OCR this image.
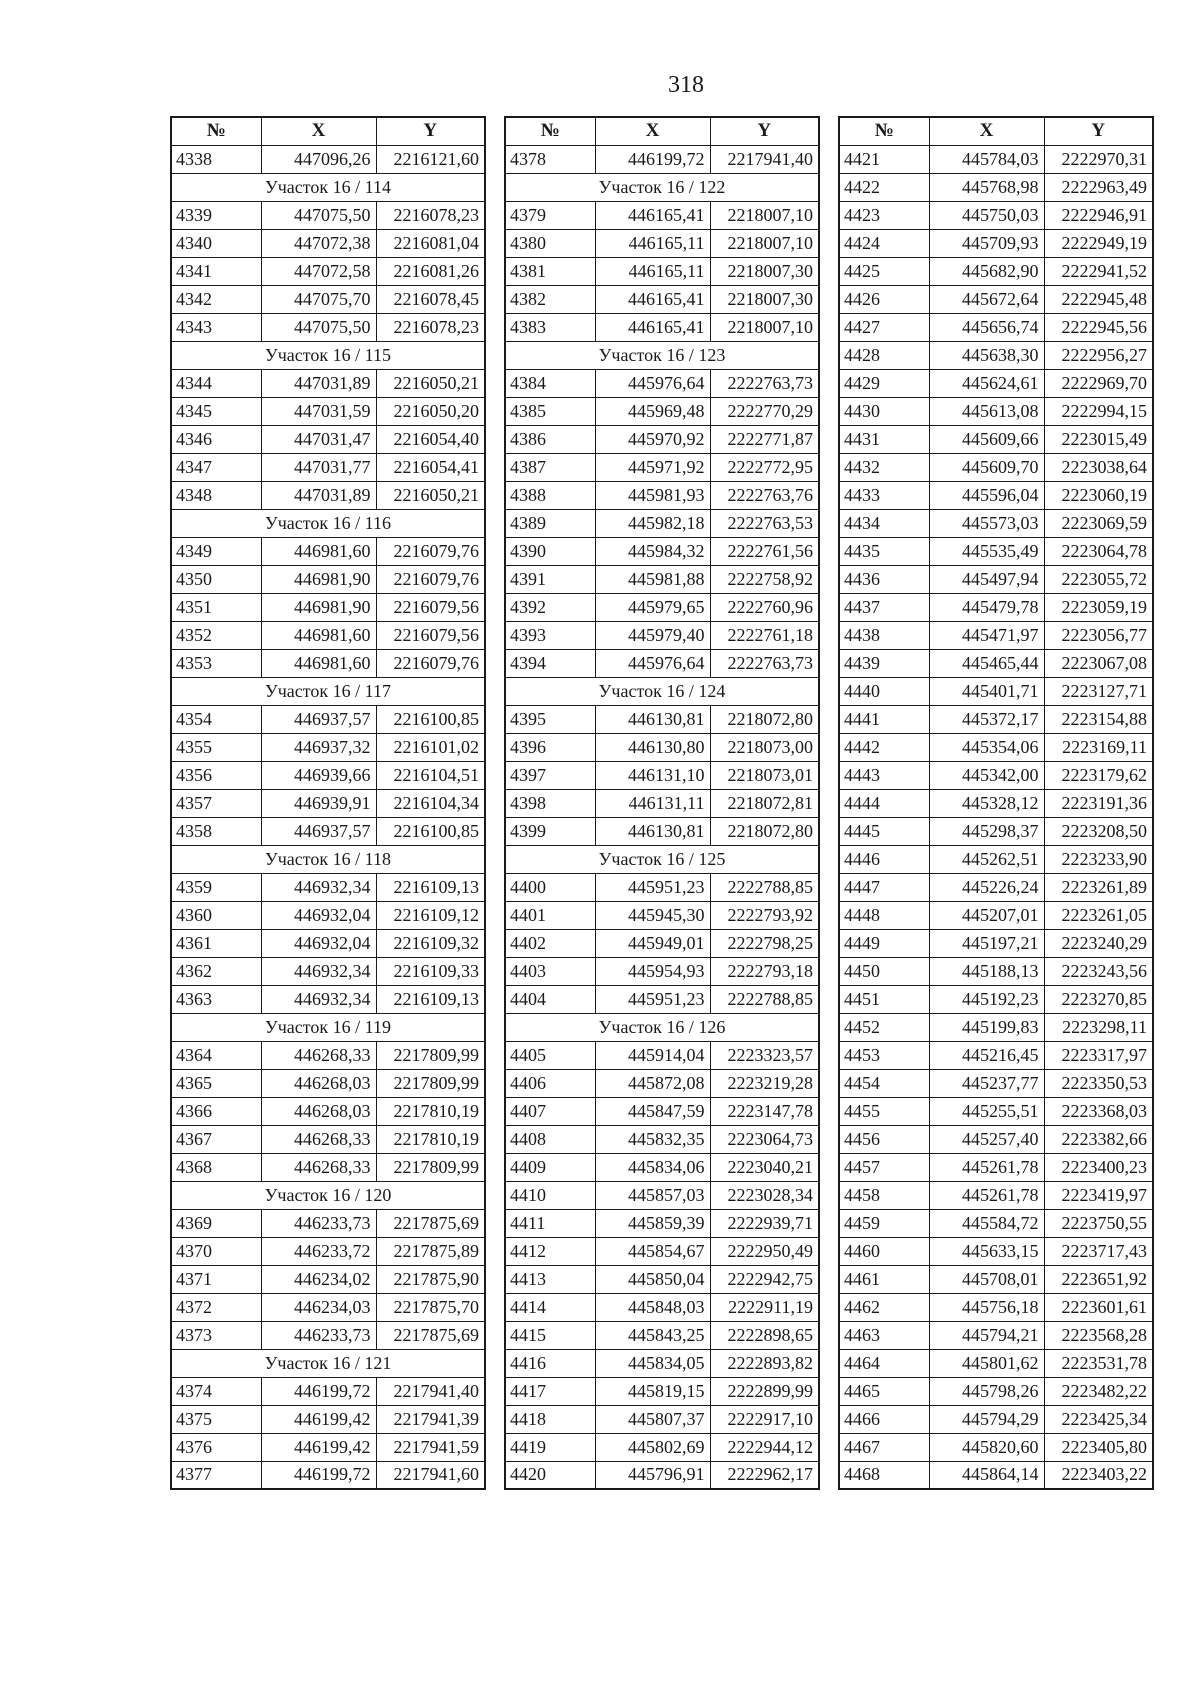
318
№	X	Y
4338	447096,26	2216121,60
Участок 16 / 114		
4339	447075,50	2216078,23
4340	447072,38	2216081,04
4341	447072,58	2216081,26
4342	447075,70	2216078,45
4343	447075,50	2216078,23
Участок 16 / 115		
4344	447031,89	2216050,21
4345	447031,59	2216050,20
4346	447031,47	2216054,40
4347	447031,77	2216054,41
4348	447031,89	2216050,21
Участок 16 / 116		
4349	446981,60	2216079,76
4350	446981,90	2216079,76
4351	446981,90	2216079,56
4352	446981,60	2216079,56
4353	446981,60	2216079,76
Участок 16 / 117		
4354	446937,57	2216100,85
4355	446937,32	2216101,02
4356	446939,66	2216104,51
4357	446939,91	2216104,34
4358	446937,57	2216100,85
Участок 16 / 118		
4359	446932,34	2216109,13
4360	446932,04	2216109,12
4361	446932,04	2216109,32
4362	446932,34	2216109,33
4363	446932,34	2216109,13
Участок 16 / 119		
4364	446268,33	2217809,99
4365	446268,03	2217809,99
4366	446268,03	2217810,19
4367	446268,33	2217810,19
4368	446268,33	2217809,99
Участок 16 / 120		
4369	446233,73	2217875,69
4370	446233,72	2217875,89
4371	446234,02	2217875,90
4372	446234,03	2217875,70
4373	446233,73	2217875,69
Участок 16 / 121		
4374	446199,72	2217941,40
4375	446199,42	2217941,39
4376	446199,42	2217941,59
4377	446199,72	2217941,60
№	X	Y
4378	446199,72	2217941,40
Участок 16 / 122		
4379	446165,41	2218007,10
4380	446165,11	2218007,10
4381	446165,11	2218007,30
4382	446165,41	2218007,30
4383	446165,41	2218007,10
Участок 16 / 123		
4384	445976,64	2222763,73
4385	445969,48	2222770,29
4386	445970,92	2222771,87
4387	445971,92	2222772,95
4388	445981,93	2222763,76
4389	445982,18	2222763,53
4390	445984,32	2222761,56
4391	445981,88	2222758,92
4392	445979,65	2222760,96
4393	445979,40	2222761,18
4394	445976,64	2222763,73
Участок 16 / 124		
4395	446130,81	2218072,80
4396	446130,80	2218073,00
4397	446131,10	2218073,01
4398	446131,11	2218072,81
4399	446130,81	2218072,80
Участок 16 / 125		
4400	445951,23	2222788,85
4401	445945,30	2222793,92
4402	445949,01	2222798,25
4403	445954,93	2222793,18
4404	445951,23	2222788,85
Участок 16 / 126		
4405	445914,04	2223323,57
4406	445872,08	2223219,28
4407	445847,59	2223147,78
4408	445832,35	2223064,73
4409	445834,06	2223040,21
4410	445857,03	2223028,34
4411	445859,39	2222939,71
4412	445854,67	2222950,49
4413	445850,04	2222942,75
4414	445848,03	2222911,19
4415	445843,25	2222898,65
4416	445834,05	2222893,82
4417	445819,15	2222899,99
4418	445807,37	2222917,10
4419	445802,69	2222944,12
4420	445796,91	2222962,17
№	X	Y
4421	445784,03	2222970,31
4422	445768,98	2222963,49
4423	445750,03	2222946,91
4424	445709,93	2222949,19
4425	445682,90	2222941,52
4426	445672,64	2222945,48
4427	445656,74	2222945,56
4428	445638,30	2222956,27
4429	445624,61	2222969,70
4430	445613,08	2222994,15
4431	445609,66	2223015,49
4432	445609,70	2223038,64
4433	445596,04	2223060,19
4434	445573,03	2223069,59
4435	445535,49	2223064,78
4436	445497,94	2223055,72
4437	445479,78	2223059,19
4438	445471,97	2223056,77
4439	445465,44	2223067,08
4440	445401,71	2223127,71
4441	445372,17	2223154,88
4442	445354,06	2223169,11
4443	445342,00	2223179,62
4444	445328,12	2223191,36
4445	445298,37	2223208,50
4446	445262,51	2223233,90
4447	445226,24	2223261,89
4448	445207,01	2223261,05
4449	445197,21	2223240,29
4450	445188,13	2223243,56
4451	445192,23	2223270,85
4452	445199,83	2223298,11
4453	445216,45	2223317,97
4454	445237,77	2223350,53
4455	445255,51	2223368,03
4456	445257,40	2223382,66
4457	445261,78	2223400,23
4458	445261,78	2223419,97
4459	445584,72	2223750,55
4460	445633,15	2223717,43
4461	445708,01	2223651,92
4462	445756,18	2223601,61
4463	445794,21	2223568,28
4464	445801,62	2223531,78
4465	445798,26	2223482,22
4466	445794,29	2223425,34
4467	445820,60	2223405,80
4468	445864,14	2223403,22
